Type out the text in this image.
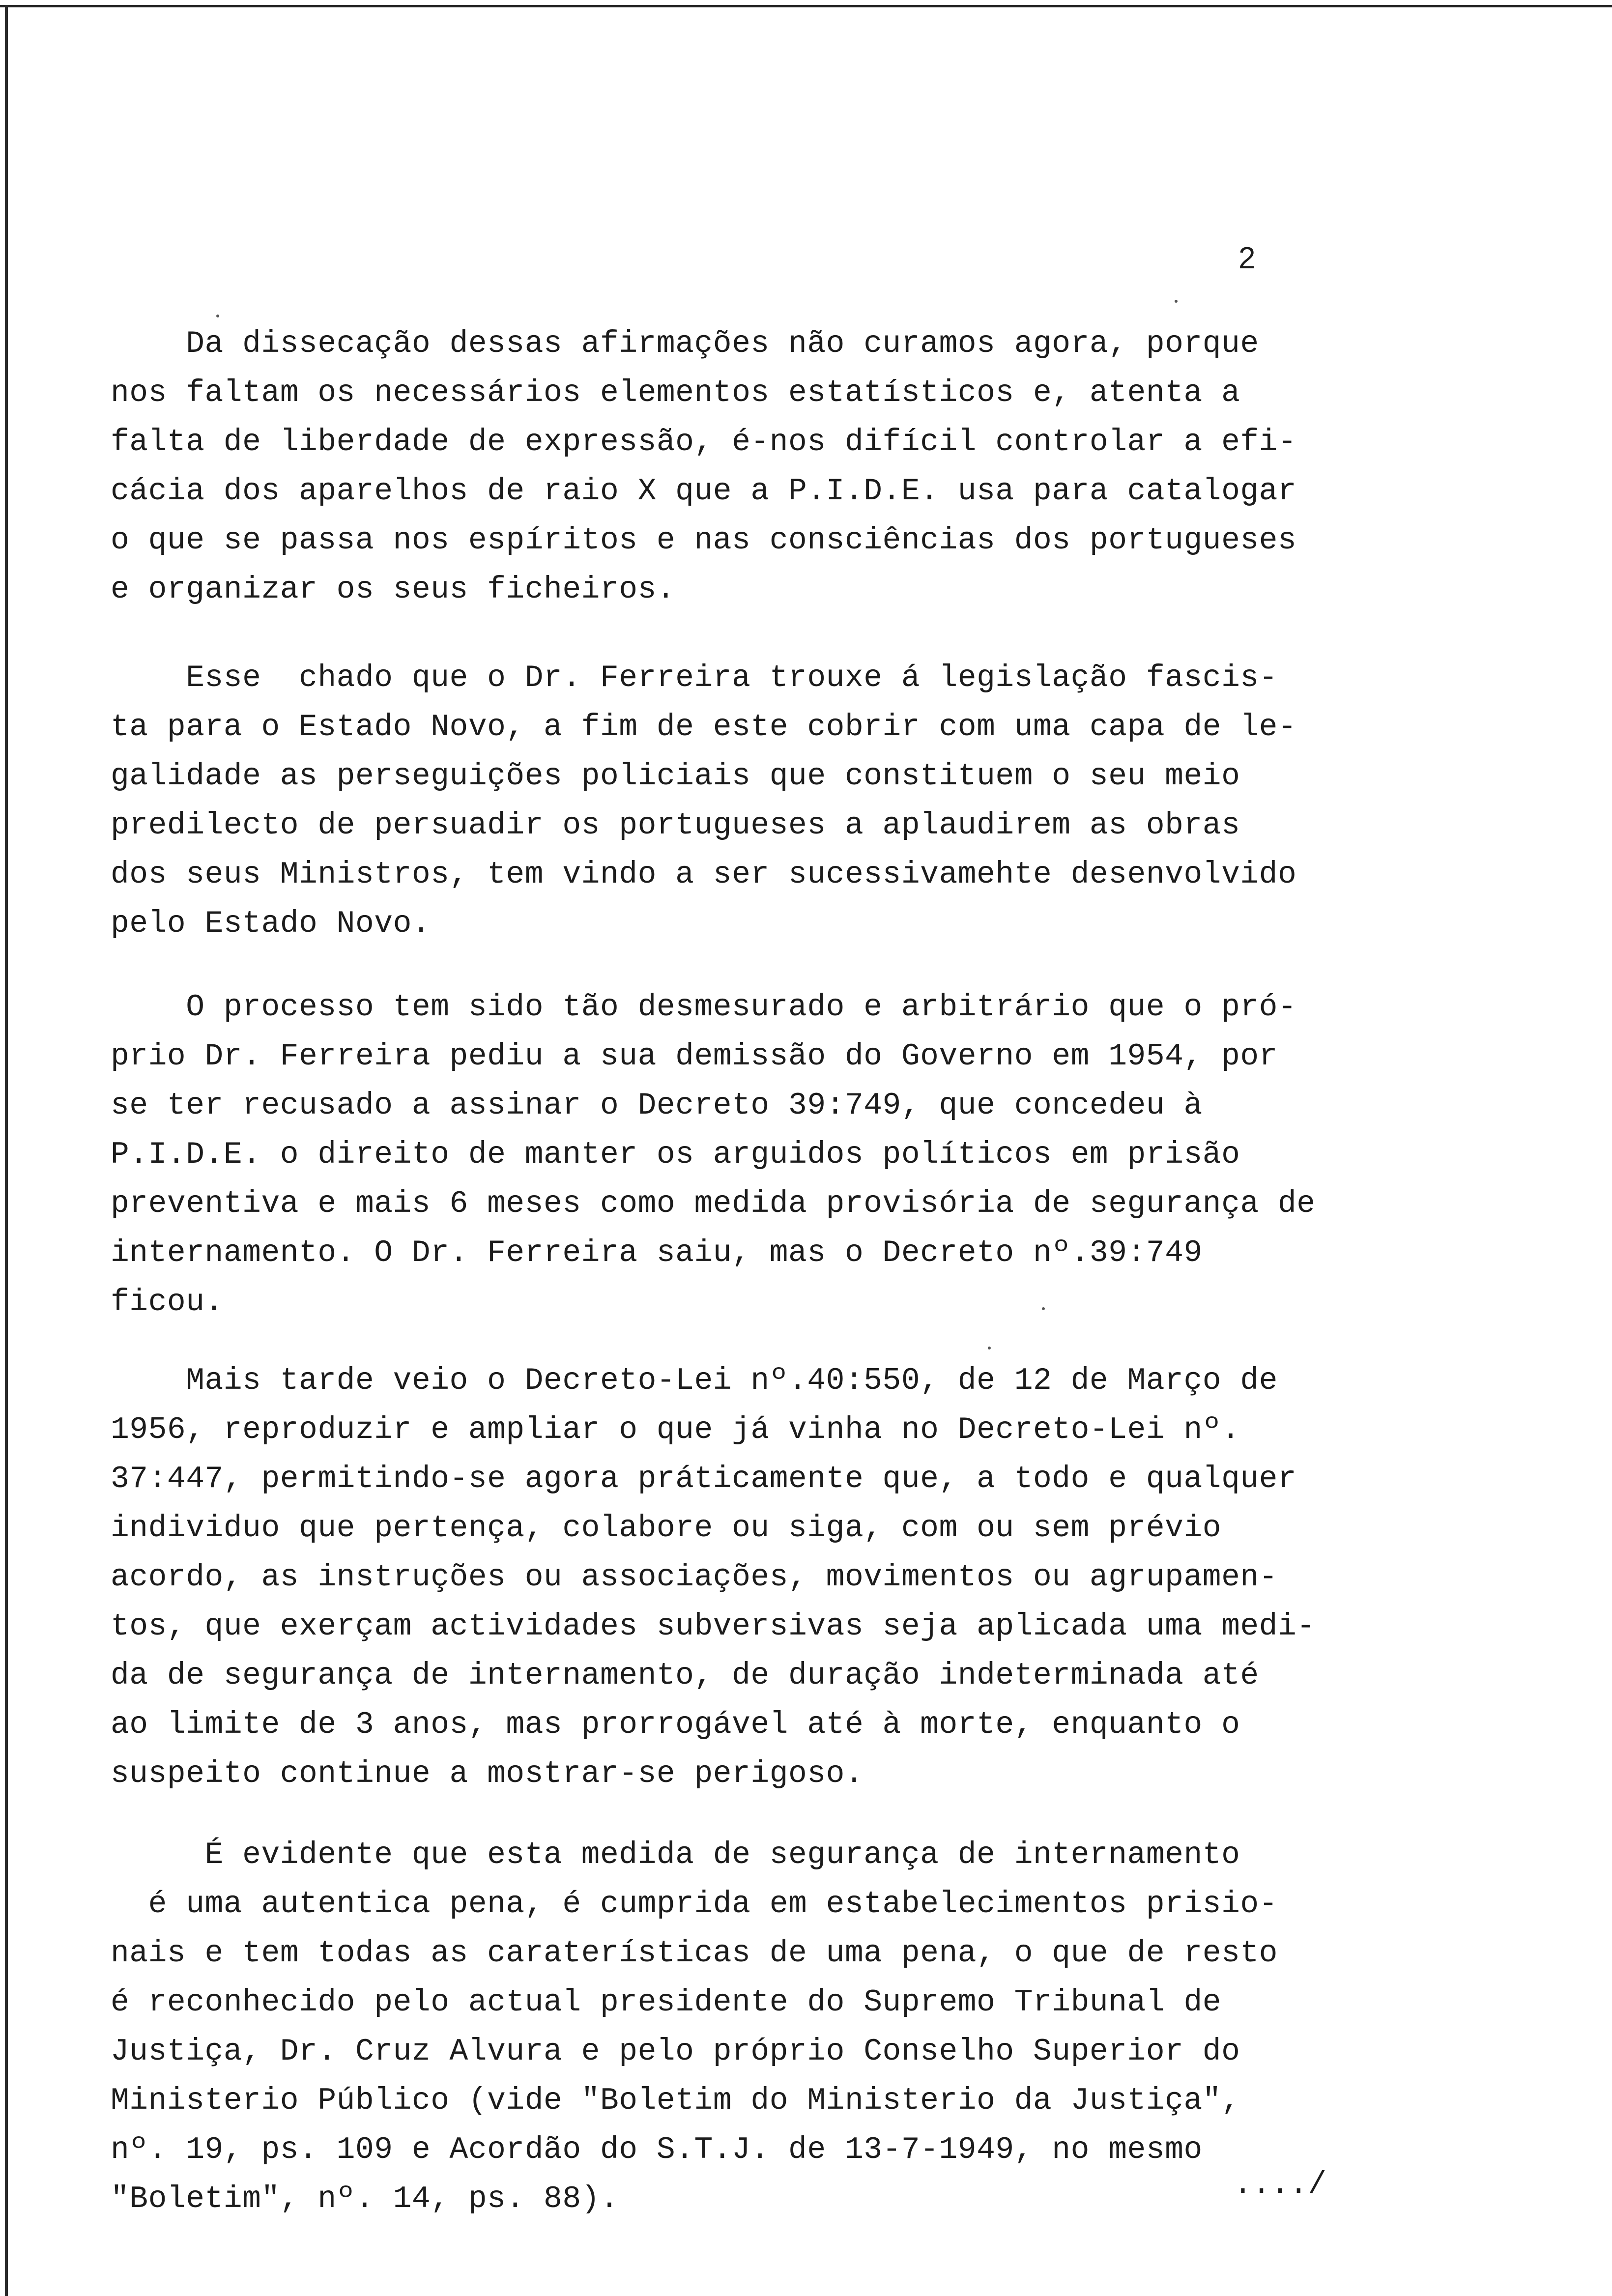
2
Da dissecação dessas afirmações não curamos agora, porque
nos faltam os necessários elementos estatísticos e, atenta a
falta de liberdade de expressão, é-nos difícil controlar a efi-
cácia dos aparelhos de raio X que a P.I.D.E. usa para catalogar
o que se passa nos espíritos e nas consciências dos portugueses
e organizar os seus ficheiros.
Esse  chado que o Dr. Ferreira trouxe á legislação fascis-
ta para o Estado Novo, a fim de este cobrir com uma capa de le-
galidade as perseguições policiais que constituem o seu meio
predilecto de persuadir os portugueses a aplaudirem as obras
dos seus Ministros, tem vindo a ser sucessivamehte desenvolvido
pelo Estado Novo.
O processo tem sido tão desmesurado e arbitrário que o pró-
prio Dr. Ferreira pediu a sua demissão do Governo em 1954, por
se ter recusado a assinar o Decreto 39:749, que concedeu à
P.I.D.E. o direito de manter os arguidos políticos em prisão
preventiva e mais 6 meses como medida provisória de segurança de
internamento. O Dr. Ferreira saiu, mas o Decreto nº.39:749
ficou.
Mais tarde veio o Decreto-Lei nº.40:550, de 12 de Março de
1956, reproduzir e ampliar o que já vinha no Decreto-Lei nº.
37:447, permitindo-se agora práticamente que, a todo e qualquer
individuo que pertença, colabore ou siga, com ou sem prévio
acordo, as instruções ou associações, movimentos ou agrupamen-
tos, que exerçam actividades subversivas seja aplicada uma medi-
da de segurança de internamento, de duração indeterminada até
ao limite de 3 anos, mas prorrogável até à morte, enquanto o
suspeito continue a mostrar-se perigoso.
É evidente que esta medida de segurança de internamento
é uma autentica pena, é cumprida em estabelecimentos prisio-
nais e tem todas as caraterísticas de uma pena, o que de resto
é reconhecido pelo actual presidente do Supremo Tribunal de
Justiça, Dr. Cruz Alvura e pelo próprio Conselho Superior do
Ministerio Público (vide "Boletim do Ministerio da Justiça",
nº. 19, ps. 109 e Acordão do S.T.J. de 13-7-1949, no mesmo
"Boletim", nº. 14, ps. 88).	..../
